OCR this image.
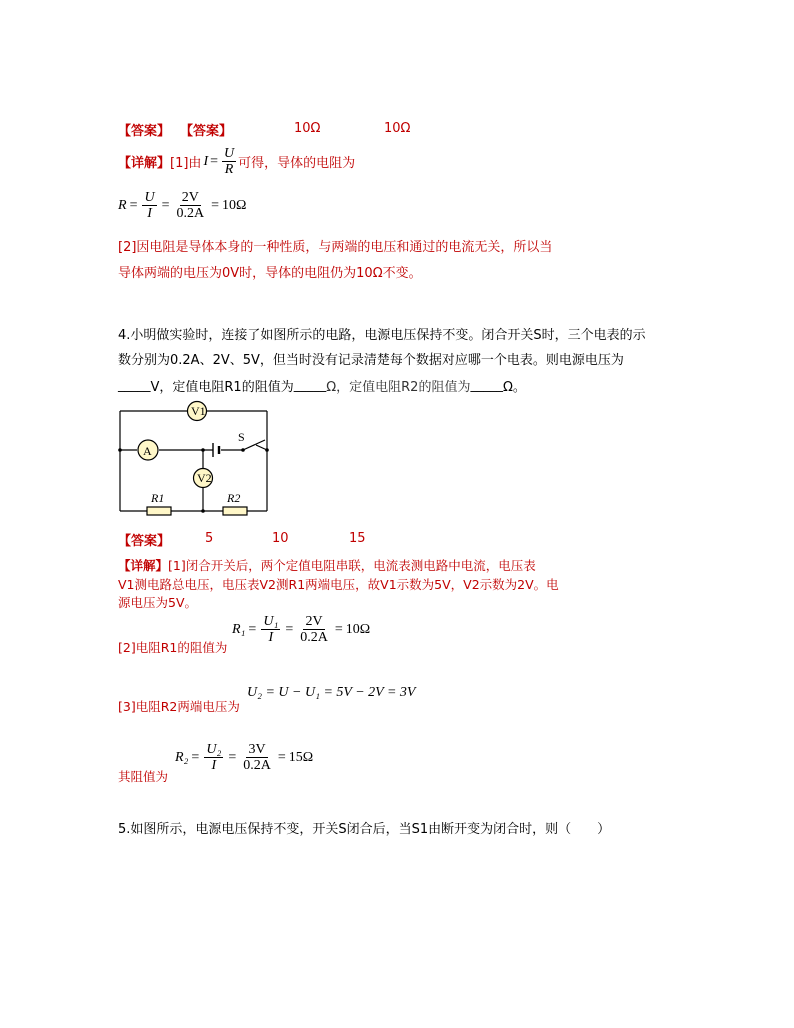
【答案】 【答案】	10Ω	10Ω
【详解】 [1]由 $I = \frac{U}{R}$ 可得，导体的电阻为
$R = \frac{U}{I} = \frac{2V}{0.2A} = 10\Omega$
[2]因电阻是导体本身的一种性质，与两端的电压和通过的电流无关，所以当
导体两端的电压为0V时，导体的电阻仍为10Ω不变。
4.小明做实验时，连接了如图所示的电路，电源电压保持不变。闭合开关S时，三个电表的示
数分别为0.2A、2V、5V，但当时没有记录清楚每个数据对应哪一个电表。则电源电压为
_____ V，定值电阻R1的阻值为 _____ Ω，定值电阻R2的阻值为 _____ Ω。
V1
A
S
V2
R1	R2
【答案】	5	10	15
【详解】 [1]闭合开关后，两个定值电阻串联，电流表测电路中电流，电压表
V1测电路总电压，电压表V2测R1两端电压，故V1示数为5V，V2示数为2V。电
源电压为5V。
[2]电阻R1的阻值为
$R_1 = \frac{\text{U₁}}{I} = \frac{2V}{0.2A} = 10\Omega$
[3]电阻R2两端电压为
U₂ = U − U₁ = 5V − 2V = 3V
其阻值为
$R_2 = \frac{\text{U₂}}{I} = \frac{3V}{0.2A} = 15\Omega$
5.如图所示，电源电压保持不变，开关S闭合后，当S1由断开变为闭合时，则（　　）
